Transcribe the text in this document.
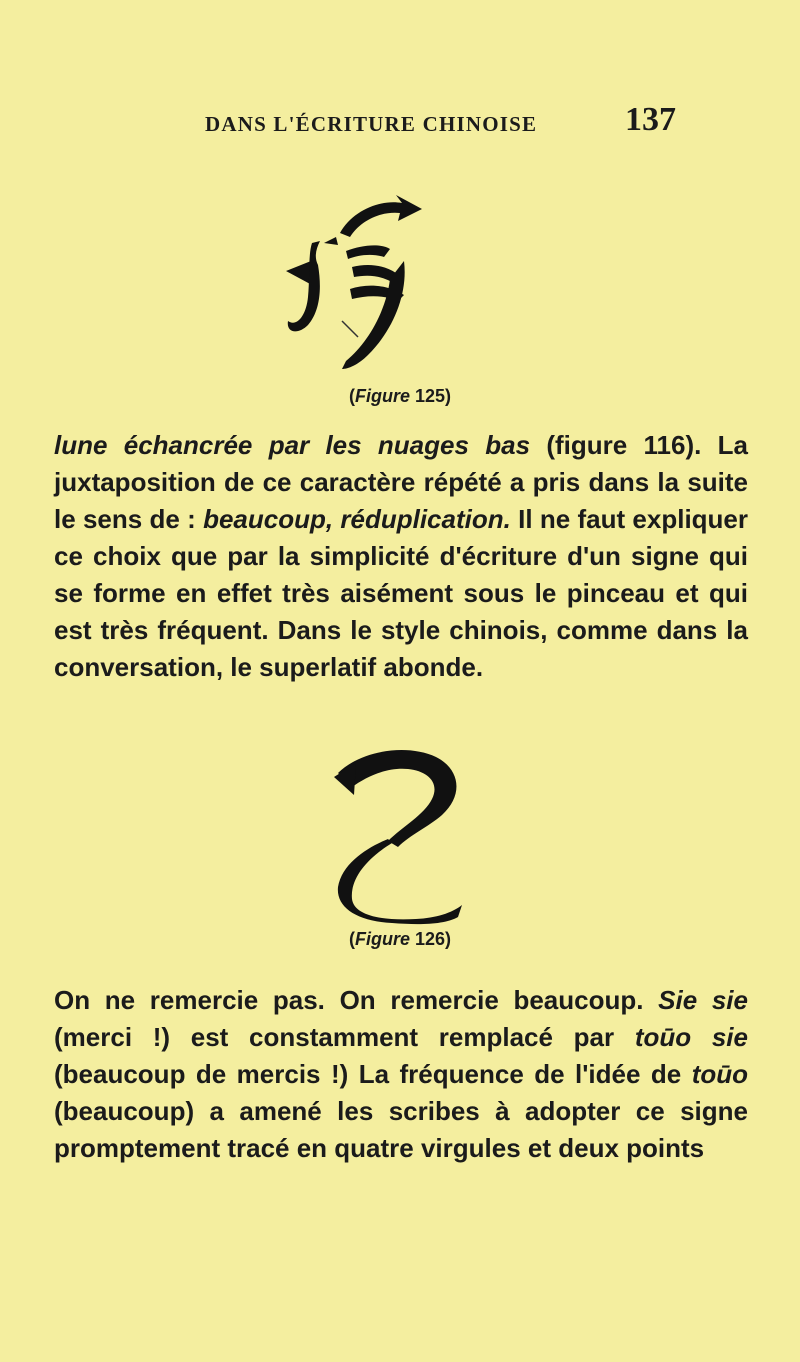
DANS L'ÉCRITURE CHINOISE	137
(Figure 125)

lune échancrée par les nuages bas (figure 116). La juxtaposition de ce caractère répété a pris dans la suite le sens de : beaucoup, réduplication. Il ne faut expliquer ce choix que par la simplicité d'écriture d'un signe qui se forme en effet très aisément sous le pinceau et qui est très fréquent. Dans le style chinois, comme dans la conversation, le superlatif abonde.

(Figure 126)

On ne remercie pas. On remercie beaucoup. Sie sie (merci !) est constamment remplacé par toūo sie (beaucoup de mercis !) La fréquence de l'idée de toūo (beaucoup) a amené les scribes à adopter ce signe promptement tracé en quatre virgules et deux points
